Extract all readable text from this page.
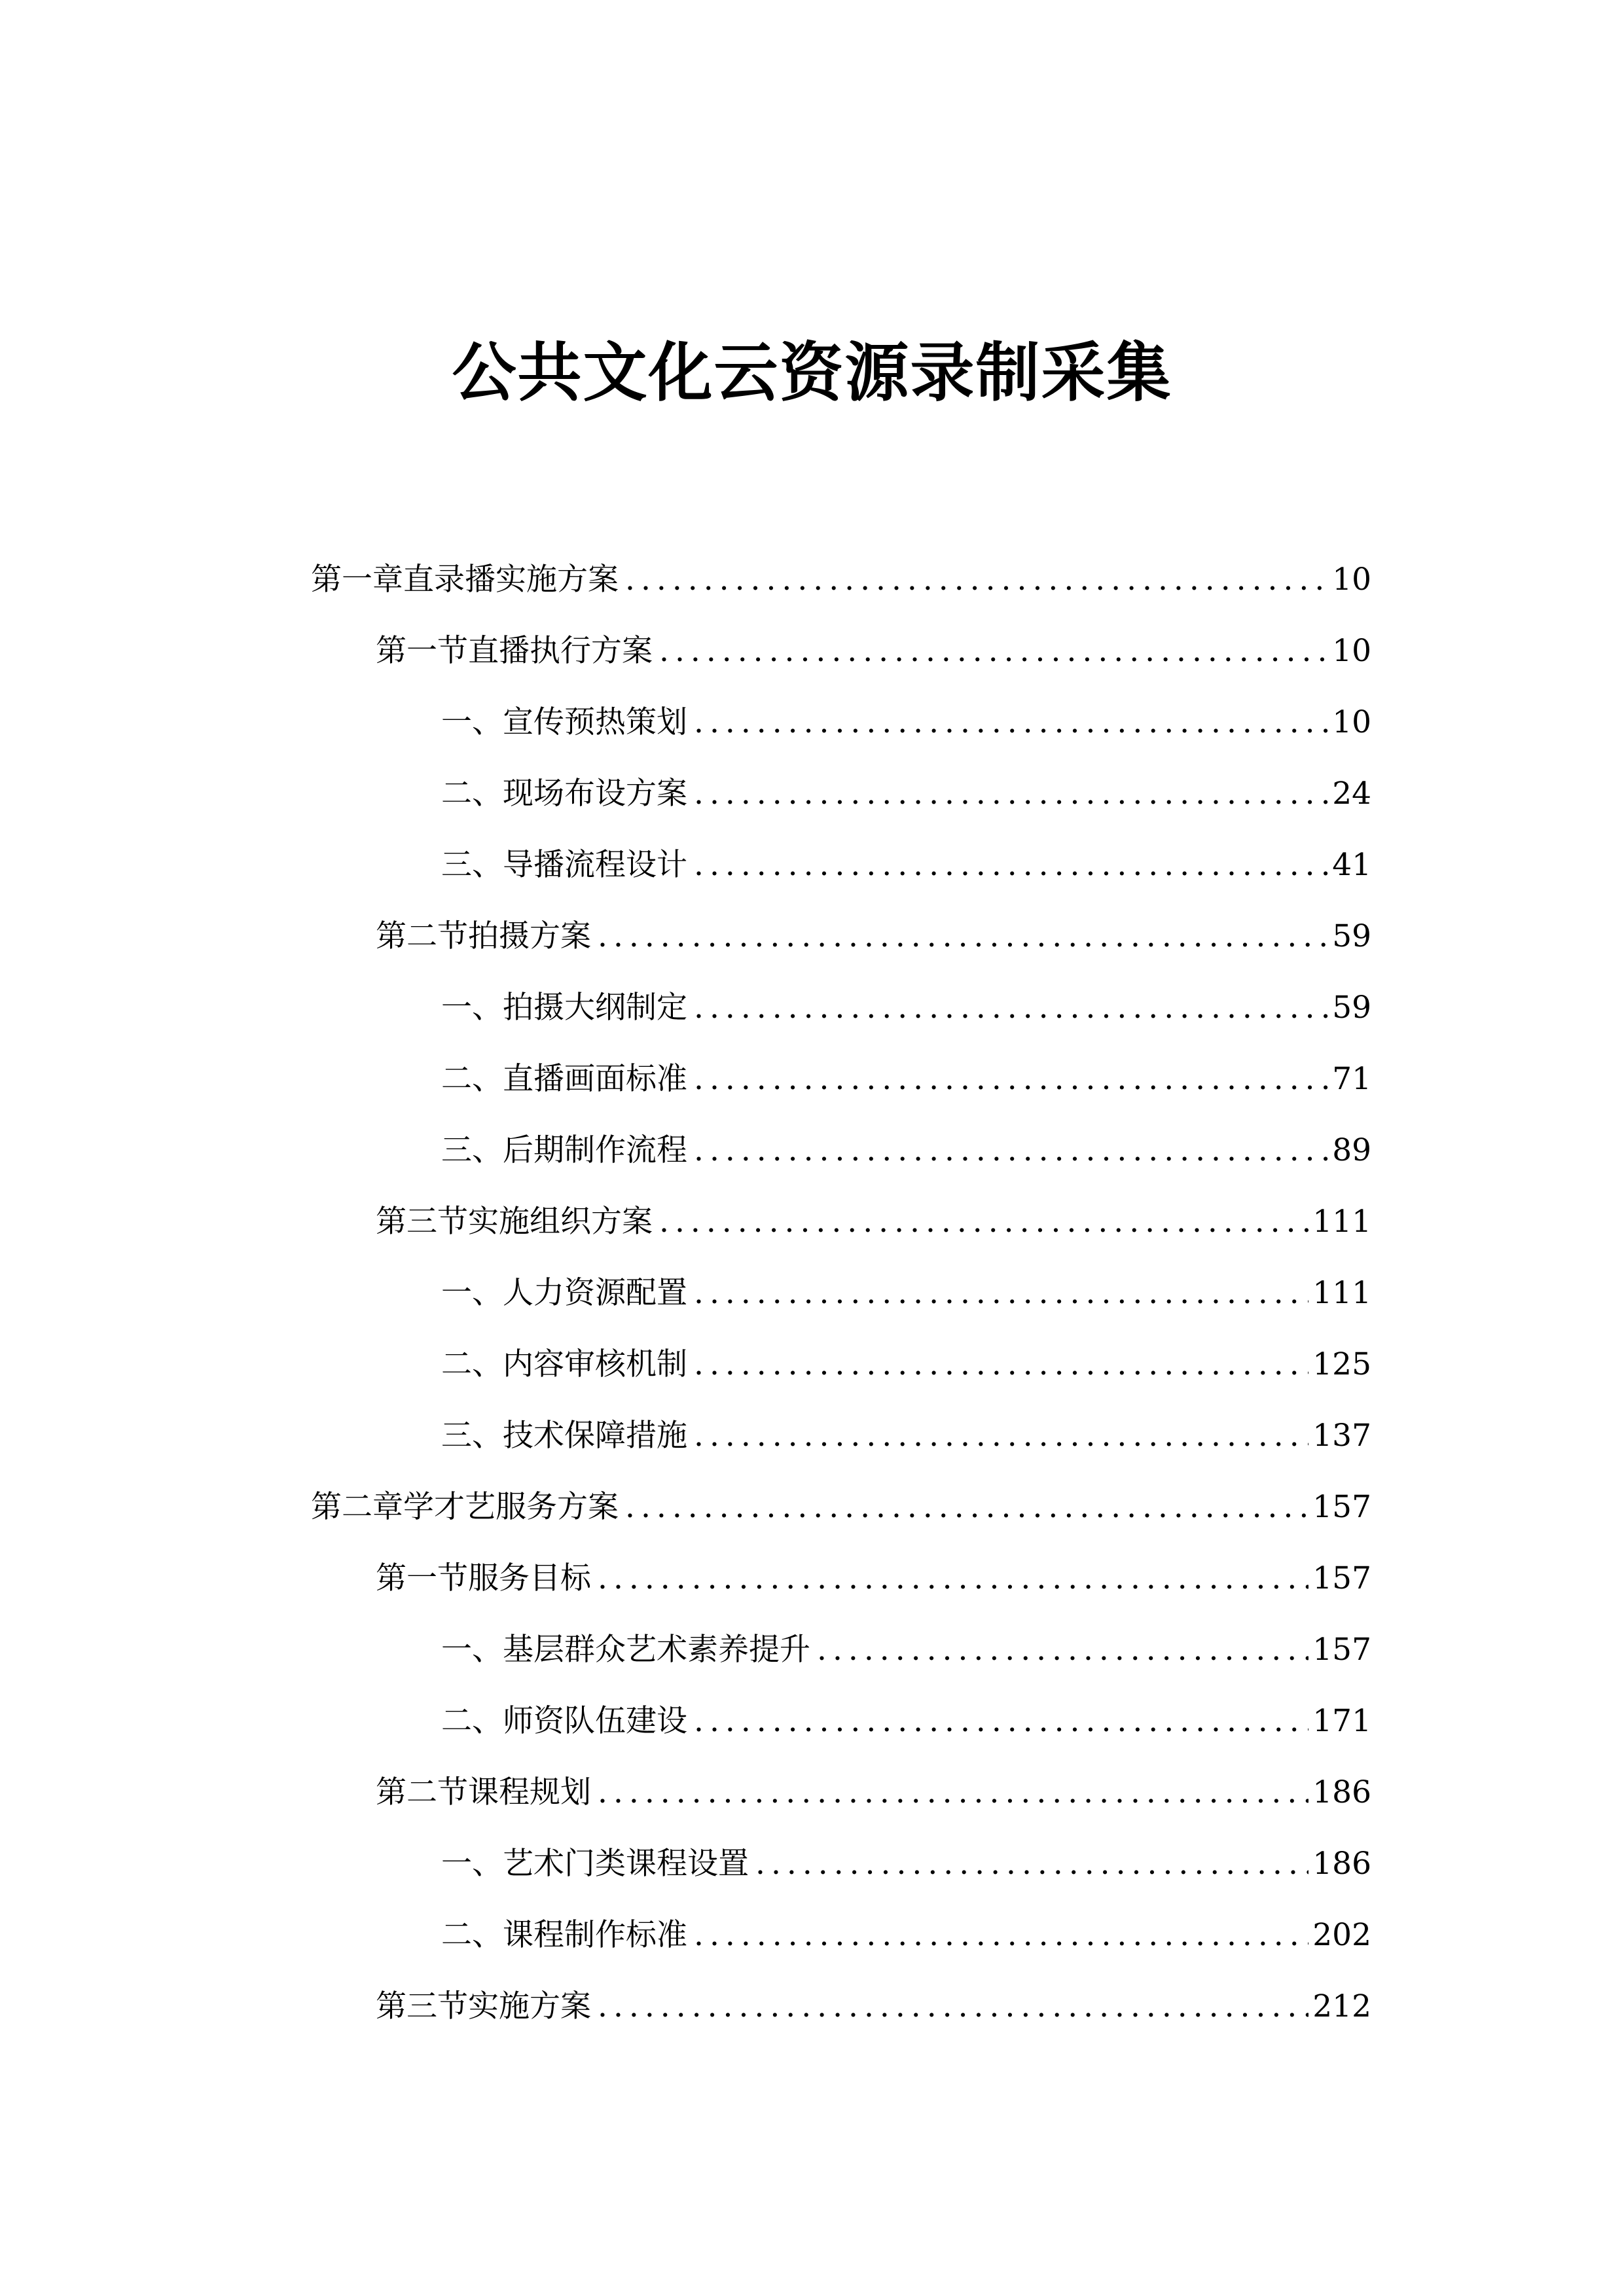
公共文化云资源录制采集
第一章 直录播实施方案 .....	10
第一节 直播执行方案 .....	10
一、 宣传预热策划 .....	10
二、 现场布设方案 .....	24
三、 导播流程设计 .....	41
第二节 拍摄方案 .....	59
一、 拍摄大纲制定 .....	59
二、 直播画面标准 .....	71
三、 后期制作流程 .....	89
第三节 实施组织方案 .....	111
一、 人力资源配置 .....	111
二、 内容审核机制 .....	125
三、 技术保障措施 .....	137
第二章 学才艺服务方案 .....	157
第一节 服务目标 .....	157
一、 基层群众艺术素养提升 .....	157
二、 师资队伍建设 .....	171
第二节 课程规划 .....	186
一、 艺术门类课程设置 .....	186
二、 课程制作标准 .....	202
第三节 实施方案 .....	212
